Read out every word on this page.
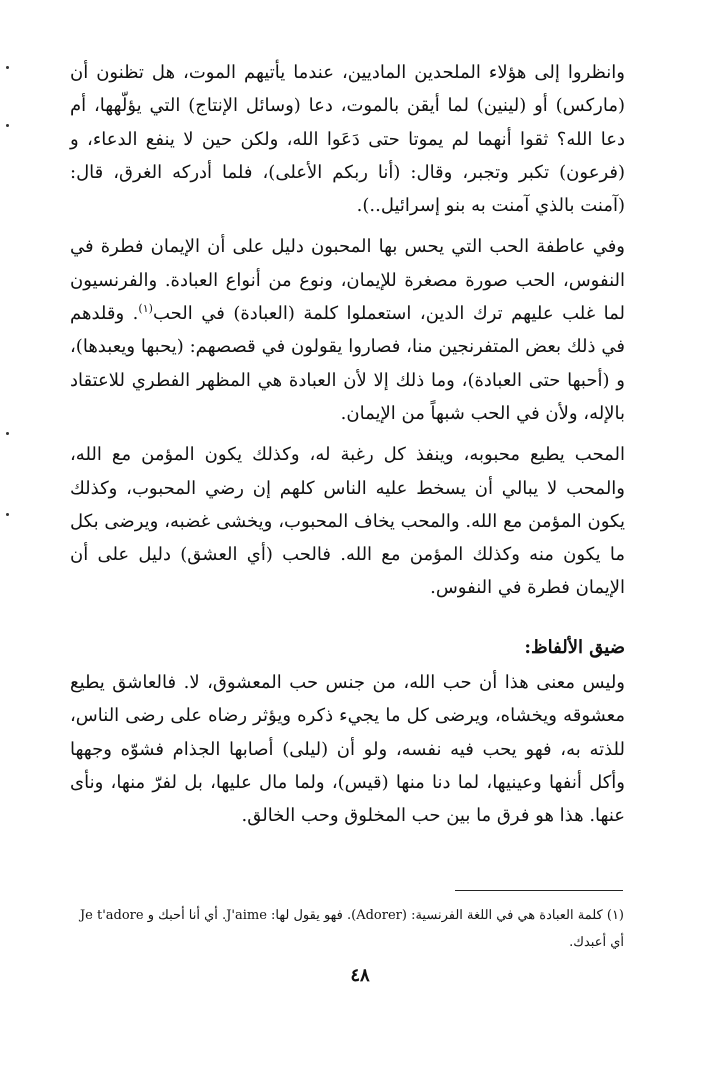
وانظروا إلى هؤلاء الملحدين الماديين، عندما يأتيهم الموت، هل تظنون أن (ماركس) أو (لينين) لما أيقن بالموت، دعا (وسائل الإنتاج) التي يؤلّهها، أم دعا الله؟ ثقوا أنهما لم يموتا حتى دَعَوا الله، ولكن حين لا ينفع الدعاء، و (فرعون) تكبر وتجبر، وقال: (أنا ربكم الأعلى)، فلما أدركه الغرق، قال: (آمنت بالذي آمنت به بنو إسرائيل..).

وفي عاطفة الحب التي يحس بها المحبون دليل على أن الإيمان فطرة في النفوس، الحب صورة مصغرة للإيمان، ونوع من أنواع العبادة. والفرنسيون لما غلب عليهم ترك الدين، استعملوا كلمة (العبادة) في الحب$^{(١)}$. وقلدهم في ذلك بعض المتفرنجين منا، فصاروا يقولون في قصصهم: (يحبها ويعبدها)، و (أحبها حتى العبادة)، وما ذلك إلا لأن العبادة هي المظهر الفطري للاعتقاد بالإله، ولأن في الحب شبهاً من الإيمان.

المحب يطيع محبوبه، وينفذ كل رغبة له، وكذلك يكون المؤمن مع الله، والمحب لا يبالي أن يسخط عليه الناس كلهم إن رضي المحبوب، وكذلك يكون المؤمن مع الله. والمحب يخاف المحبوب، ويخشى غضبه، ويرضى بكل ما يكون منه وكذلك المؤمن مع الله. فالحب (أي العشق) دليل على أن الإيمان فطرة في النفوس.

ضيق الألفاظ:

وليس معنى هذا أن حب الله، من جنس حب المعشوق، لا. فالعاشق يطيع معشوقه ويخشاه، ويرضى كل ما يجيء ذكره ويؤثر رضاه على رضى الناس، للذته به، فهو يحب فيه نفسه، ولو أن (ليلى) أصابها الجذام فشوّه وجهها وأكل أنفها وعينيها، لما دنا منها (قيس)، ولما مال عليها، بل لفرّ منها، ونأى عنها. هذا هو فرق ما بين حب المخلوق وحب الخالق.

(١) كلمة العبادة هي في اللغة الفرنسية: (Adorer). فهو يقول لها: J'aime. أي أنا أحبك و Je t'adore أي أعبدك.
٤٨
